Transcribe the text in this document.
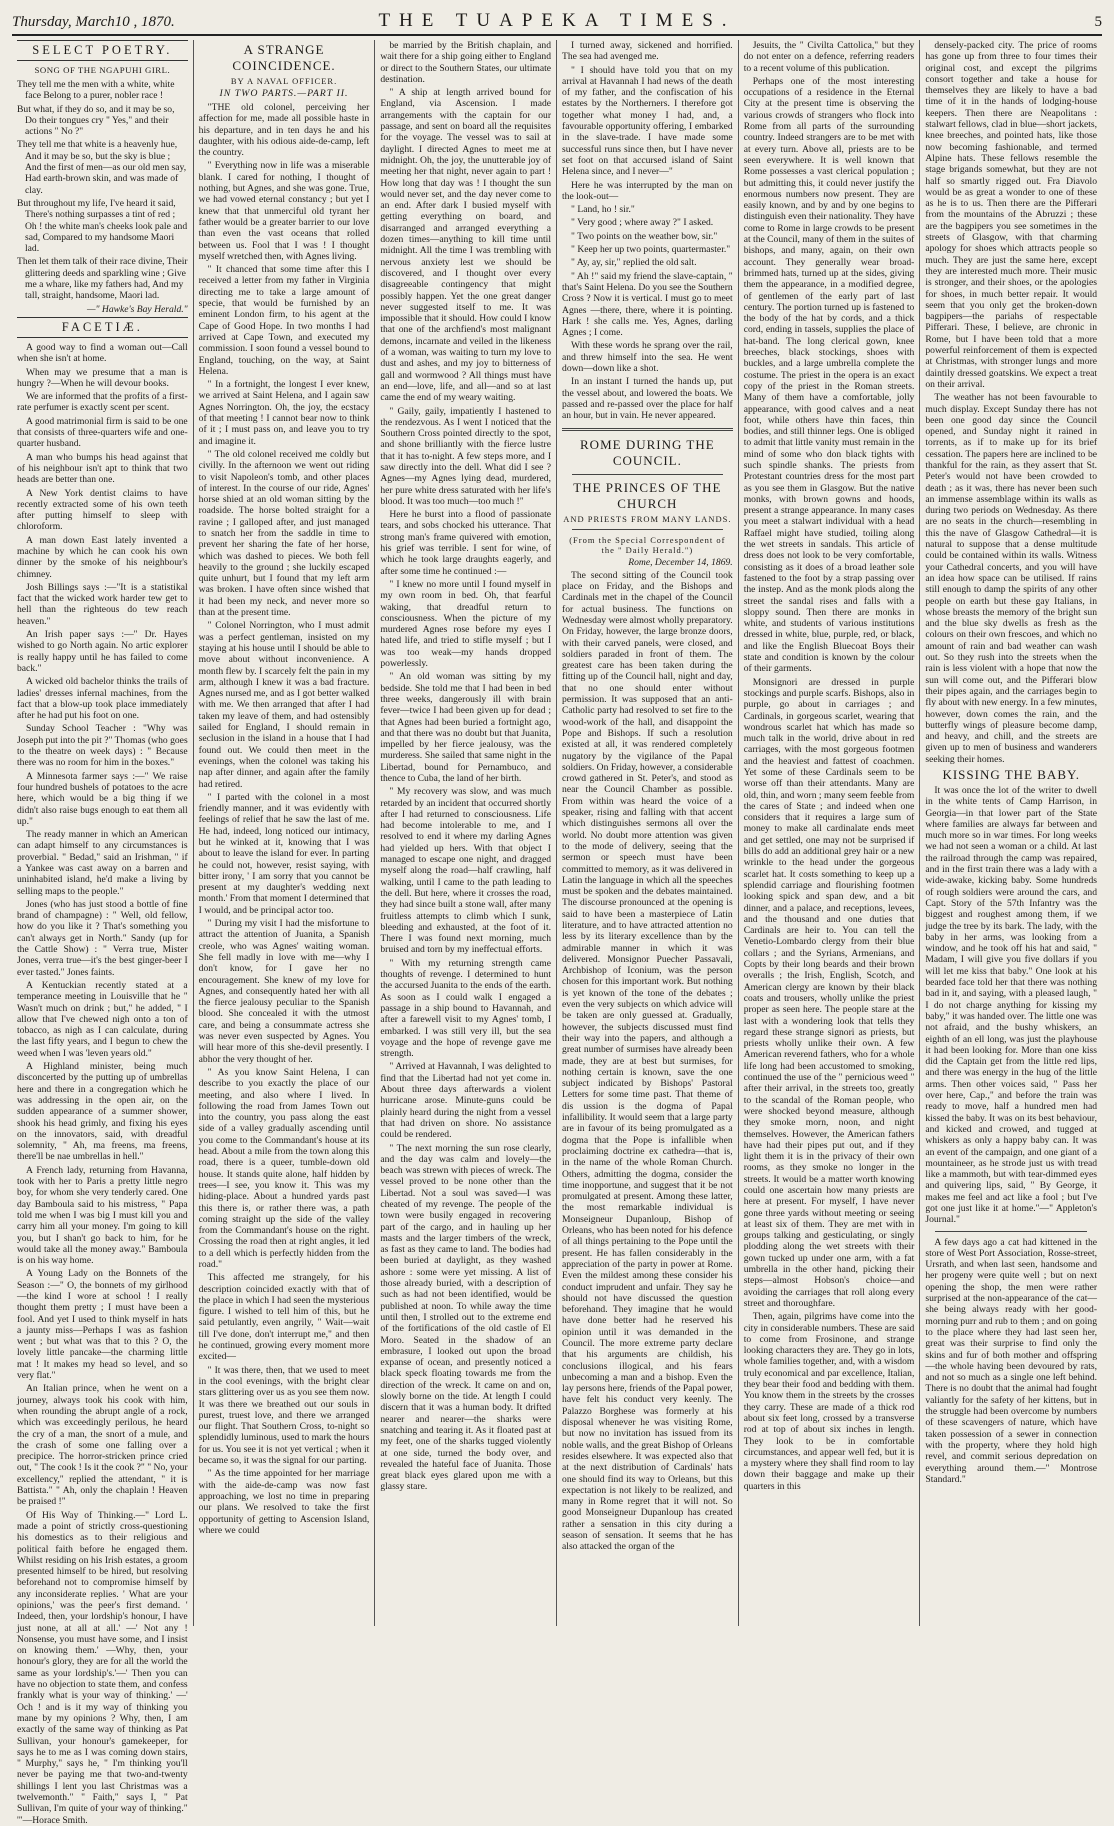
Thursday, March10 , 1870.	THE TUAPEKA TIMES.	5
SELECT POETRY.
SONG OF THE NGAPUHI GIRL.

They tell me the men with a white, white face Belong to a purer, nobler race !

But what, if they do so, and it may be so, Do their tongues cry " Yes," and their actions " No ?"

They tell me that white is a heavenly hue, And it may be so, but the sky is blue ; And the first of men—as our old men say, Had earth-brown skin, and was made of clay.

But throughout my life, I've heard it said, There's nothing surpasses a tint of red ; Oh ! the white man's cheeks look pale and sad, Compared to my handsome Maori lad.

Then let them talk of their race divine, Their glittering deeds and sparkling wine ; Give me a whare, like my fathers had, And my tall, straight, handsome, Maori lad.

—" Hawke's Bay Herald."

FACETIÆ.

A good way to find a woman out—Call when she isn't at home.

When may we presume that a man is hungry ?—When he will devour books.

We are informed that the profits of a first-rate perfumer is exactly scent per scent.

A good matrimonial firm is said to be one that consists of three-quarters wife and one-quarter husband.

A man who bumps his head against that of his neighbour isn't apt to think that two heads are better than one.

A New York dentist claims to have recently extracted some of his own teeth after putting himself to sleep with chloroform.

A man down East lately invented a machine by which he can cook his own dinner by the smoke of his neighbour's chimney.

Josh Billings says :—"It is a statistikal fact that the wicked work harder tew get to hell than the righteous do tew reach heaven."

An Irish paper says :—" Dr. Hayes wished to go North again. No artic explorer is really happy until he has failed to come back."

A wicked old bachelor thinks the trails of ladies' dresses infernal machines, from the fact that a blow-up took place immediately after he had put his foot on one.

Sunday School Teacher : "Why was Joseph put into the pit ?" Thomas (who goes to the theatre on week days) : " Because there was no room for him in the boxes."

A Minnesota farmer says :—" We raise four hundred bushels of potatoes to the acre here, which would be a big thing if we didn't also raise bugs enough to eat them all up."

The ready manner in which an American can adapt himself to any circumstances is proverbial. " Bedad," said an Irishman, " if a Yankee was cast away on a barren and uninhabited island, he'd make a living by selling maps to the people."

Jones (who has just stood a bottle of fine brand of champagne) : " Well, old fellow, how do you like it ? That's something you can't always get in North." Sandy (up for the Cattle Show) : " Verra true, Mister Jones, verra true—it's the best ginger-beer I ever tasted." Jones faints.

A Kentuckian recently stated at a temperance meeting in Louisville that he " Wasn't much on drink ; but," he added, " I allow that I've chewed nigh onto a ton of tobacco, as nigh as I can calculate, during the last fifty years, and I begun to chew the weed when I was 'leven years old."

A Highland minister, being much disconcerted by the putting up of umbrellas here and there in a congregation which he was addressing in the open air, on the sudden appearance of a summer shower, shook his head grimly, and fixing his eyes on the innovators, said, with dreadful solemnity, " Ah, ma freens, ma freens, there'll be nae umbrellas in hell."

A French lady, returning from Havanna, took with her to Paris a pretty little negro boy, for whom she very tenderly cared. One day Bamboula said to his mistress, " Papa told me when I was big I must kill you and carry him all your money. I'm going to kill you, but I shan't go back to him, for he would take all the money away." Bamboula is on his way home.

A Young Lady on the Bonnets of the Season :—" O, the bonnets of my girlhood—the kind I wore at school ! I really thought them pretty ; I must have been a fool. And yet I used to think myself in hats a jaunty miss—Perhaps I was as fashion went ; but what was that to this ? O, the lovely little pancake—the charming little mat ! It makes my head so level, and so very flat."

An Italian prince, when he went on a journey, always took his cook with him, when rounding the abrupt angle of a rock, which was exceedingly perilous, he heard the cry of a man, the snort of a mule, and the crash of some one falling over a precipice. The horror-stricken prince cried out, " The cook ! Is it the cook ?" " No, your excellency," replied the attendant, " it is Battista." " Ah, only the chaplain ! Heaven be praised !"

Of His Way of Thinking.—" Lord L. made a point of strictly cross-questioning his domestics as to their religious and political faith before he engaged them. Whilst residing on his Irish estates, a groom presented himself to be hired, but resolving beforehand not to compromise himself by any inconsiderate replies. ' What are your opinions,' was the peer's first demand. ' Indeed, then, your lordship's honour, I have just none, at all at all.' —' Not any ! Nonsense, you must have some, and I insist on knowing them.' —Why, then, your honour's glory, they are for all the world the same as your lordship's.'—' Then you can have no objection to state them, and confess frankly what is your way of thinking.' —' Och ! and is it my way of thinking you mane by my opinions ? Why, then, I am exactly of the same way of thinking as Pat Sullivan, your honour's gamekeeper, for says he to me as I was coming down stairs, " Murphy," says he, " I'm thinking you'll never be paying me that two-and-twenty shillings I lent you last Christmas was a twelvemonth." " Faith," says I, " Pat Sullivan, I'm quite of your way of thinking." '"—Horace Smith.

A STRANGE COINCIDENCE.
BY A NAVAL OFFICER.
IN TWO PARTS.—PART II.

"THE old colonel, perceiving her affection for me, made all possible haste in his departure, and in ten days he and his daughter, with his odious aide-de-camp, left the country.

" Everything now in life was a miserable blank. I cared for nothing, I thought of nothing, but Agnes, and she was gone. True, we had vowed eternal constancy ; but yet I knew that that unmerciful old tyrant her father would be a greater barrier to our love than even the vast oceans that rolled between us. Fool that I was ! I thought myself wretched then, with Agnes living.

" It chanced that some time after this I received a letter from my father in Virginia directing me to take a large amount of specie, that would be furnished by an eminent London firm, to his agent at the Cape of Good Hope. In two months I had arrived at Cape Town, and executed my commission. I soon found a vessel bound to England, touching, on the way, at Saint Helena.

" In a fortnight, the longest I ever knew, we arrived at Saint Helena, and I again saw Agnes Norrington. Oh, the joy, the ecstacy of that meeting ! I cannot bear now to think of it ; I must pass on, and leave you to try and imagine it.

" The old colonel received me coldly but civilly. In the afternoon we went out riding to visit Napoleon's tomb, and other places of interest. In the course of our ride, Agnes' horse shied at an old woman sitting by the roadside. The horse bolted straight for a ravine ; I galloped after, and just managed to snatch her from the saddle in time to prevent her sharing the fate of her horse, which was dashed to pieces. We both fell heavily to the ground ; she luckily escaped quite unhurt, but I found that my left arm was broken. I have often since wished that it had been my neck, and never more so than at the present time.

" Colonel Norrington, who I must admit was a perfect gentleman, insisted on my staying at his house until I should be able to move about without inconvenience. A month flew by. I scarcely felt the pain in my arm, although I knew it was a bad fracture. Agnes nursed me, and as I got better walked with me. We then arranged that after I had taken my leave of them, and had ostensibly sailed for England, I should remain in seclusion in the island in a house that I had found out. We could then meet in the evenings, when the colonel was taking his nap after dinner, and again after the family had retired.

" I parted with the colonel in a most friendly manner, and it was evidently with feelings of relief that he saw the last of me. He had, indeed, long noticed our intimacy, but he winked at it, knowing that I was about to leave the island for ever. In parting he could not, however, resist saying, with bitter irony, ' I am sorry that you cannot be present at my daughter's wedding next month.' From that moment I determined that I would, and be principal actor too.

" During my visit I had the misfortune to attract the attention of Juanita, a Spanish creole, who was Agnes' waiting woman. She fell madly in love with me—why I don't know, for I gave her no encouragement. She knew of my love for Agnes, and consequently hated her with all the fierce jealousy peculiar to the Spanish blood. She concealed it with the utmost care, and being a consummate actress she was never even suspected by Agnes. You will hear more of this she-devil presently. I abhor the very thought of her.

" As you know Saint Helena, I can describe to you exactly the place of our meeting, and also where I lived. In following the road from James Town out into the country, you pass along the east side of a valley gradually ascending until you come to the Commandant's house at its head. About a mile from the town along this road, there is a queer, tumble-down old house. It stands quite alone, half hidden by trees—I see, you know it. This was my hiding-place. About a hundred yards past this there is, or rather there was, a path coming straight up the side of the valley from the Commandant's house on the right. Crossing the road then at right angles, it led to a dell which is perfectly hidden from the road."

This affected me strangely, for his description coincided exactly with that of the place in which I had seen the mysterious figure. I wished to tell him of this, but he said petulantly, even angrily, " Wait—wait till I've done, don't interrupt me," and then he continued, growing every moment more excited—

" It was there, then, that we used to meet in the cool evenings, with the bright clear stars glittering over us as you see them now. It was there we breathed out our souls in purest, truest love, and there we arranged our flight. That Southern Cross, to-night so splendidly luminous, used to mark the hours for us. You see it is not yet vertical ; when it became so, it was the signal for our parting.

" As the time appointed for her marriage with the aide-de-camp was now fast approaching, we lost no time in preparing our plans. We resolved to take the first opportunity of getting to Ascension Island, where we could

be married by the British chaplain, and wait there for a ship going either to England or direct to the Southern States, our ultimate destination.

" A ship at length arrived bound for England, via Ascension. I made arrangements with the captain for our passage, and sent on board all the requisites for the voyage. The vessel was to sail at daylight. I directed Agnes to meet me at midnight. Oh, the joy, the unutterable joy of meeting her that night, never again to part ! How long that day was ! I thought the sun would never set, and the day never come to an end. After dark I busied myself with getting everything on board, and disarranged and arranged everything a dozen times—anything to kill time until midnight. All the time I was trembling with nervous anxiety lest we should be discovered, and I thought over every disagreeable contingency that might possibly happen. Yet the one great danger never suggested itself to me. It was impossible that it should. How could I know that one of the archfiend's most malignant demons, incarnate and veiled in the likeness of a woman, was waiting to turn my love to dust and ashes, and my joy to bitterness of gall and wormwood ? All things must have an end—love, life, and all—and so at last came the end of my weary waiting.

" Gaily, gaily, impatiently I hastened to the rendezvous. As I went I noticed that the Southern Cross pointed directly to the spot, and shone brilliantly with the fierce lustre that it has to-night. A few steps more, and I saw directly into the dell. What did I see ? Agnes—my Agnes lying dead, murdered, her pure white dress saturated with her life's blood. It was too much—too much !"

Here he burst into a flood of passionate tears, and sobs chocked his utterance. That strong man's frame quivered with emotion, his grief was terrible. I sent for wine, of which he took large draughts eagerly, and after some time he continued :—

" I knew no more until I found myself in my own room in bed. Oh, that fearful waking, that dreadful return to consciousness. When the picture of my murdered Agnes rose before my eyes I hated life, and tried to stifle myself ; but I was too weak—my hands dropped powerlessly.

" An old woman was sitting by my bedside. She told me that I had been in bed three weeks, dangerously ill with brain fever—twice I had been given up for dead ; that Agnes had been buried a fortnight ago, and that there was no doubt but that Juanita, impelled by her fierce jealousy, was the murderess. She sailed that same night in the Libertad, bound for Pernambuco, and thence to Cuba, the land of her birth.

" My recovery was slow, and was much retarded by an incident that occurred shortly after I had returned to consciousness. Life had become intolerable to me, and I resolved to end it where my darling Agnes had yielded up hers. With that object I managed to escape one night, and dragged myself along the road—half crawling, half walking, until I came to the path leading to the dell. But here, where it crosses the road, they had since built a stone wall, after many fruitless attempts to climb which I sunk, bleeding and exhausted, at the foot of it. There I was found next morning, much bruised and torn by my ineffectual efforts.

" With my returning strength came thoughts of revenge. I determined to hunt the accursed Juanita to the ends of the earth. As soon as I could walk I engaged a passage in a ship bound to Havannah, and after a farewell visit to my Agnes' tomb, I embarked. I was still very ill, but the sea voyage and the hope of revenge gave me strength.

" Arrived at Havannah, I was delighted to find that the Libertad had not yet come in. About three days afterwards a violent hurricane arose. Minute-guns could be plainly heard during the night from a vessel that had driven on shore. No assistance could be rendered.

" The next morning the sun rose clearly, and the day was calm and lovely—the beach was strewn with pieces of wreck. The vessel proved to be none other than the Libertad. Not a soul was saved—I was cheated of my revenge. The people of the town were busily engaged in recovering part of the cargo, and in hauling up her masts and the larger timbers of the wreck, as fast as they came to land. The bodies had been buried at daylight, as they washed ashore : some were yet missing. A list of those already buried, with a description of such as had not been identified, would be published at noon. To while away the time until then, I strolled out to the extreme end of the fortifications of the old castle of El Moro. Seated in the shadow of an embrasure, I looked out upon the broad expanse of ocean, and presently noticed a black speck floating towards me from the direction of the wreck. It came on and on, slowly borne on the tide. At length I could discern that it was a human body. It drifted nearer and nearer—the sharks were snatching and tearing it. As it floated past at my feet, one of the sharks tugged violently at one side, turned the body over, and revealed the hateful face of Juanita. Those great black eyes glared upon me with a glassy stare.

I turned away, sickened and horrified. The sea had avenged me.

" I should have told you that on my arrival at Havannah I had news of the death of my father, and the confiscation of his estates by the Northerners. I therefore got together what money I had, and, a favourable opportunity offering, I embarked in the slave-trade. I have made some successful runs since then, but I have never set foot on that accursed island of Saint Helena since, and I never—"

Here he was interrupted by the man on the look-out—

" Land, ho ! sir."

" Very good ; where away ?" I asked.

" Two points on the weather bow, sir."

" Keep her up two points, quartermaster."

" Ay, ay, sir," replied the old salt.

" Ah !" said my friend the slave-captain, " that's Saint Helena. Do you see the Southern Cross ? Now it is vertical. I must go to meet Agnes —there, there, where it is pointing. Hark ! she calls me. Yes, Agnes, darling Agnes ; I come.

With these words he sprang over the rail, and threw himself into the sea. He went down—down like a shot.

In an instant I turned the hands up, put the vessel about, and lowered the boats. We passed and re-passed over the place for half an hour, but in vain. He never appeared.

ROME DURING THE COUNCIL.
THE PRINCES OF THE CHURCH
AND PRIESTS FROM MANY LANDS.
(From the Special Correspondent of the " Daily Herald.")

Rome, December 14, 1869.

The second sitting of the Council took place on Friday, and the Bishops and Cardinals met in the chapel of the Council for actual business. The functions on Wednesday were almost wholly preparatory. On Friday, however, the large bronze doors, with their carved panels, were closed, and soldiers paraded in front of them. The greatest care has been taken during the fitting up of the Council hall, night and day, that no one should enter without permission. It was supposed that an anti-Catholic party had resolved to set fire to the wood-work of the hall, and disappoint the Pope and Bishops. If such a resolution existed at all, it was rendered completely nugatory by the vigilance of the Papal soldiers. On Friday, however, a considerable crowd gathered in St. Peter's, and stood as near the Council Chamber as possible. From within was heard the voice of a speaker, rising and falling with that accent which distinguishes sermons all over the world. No doubt more attention was given to the mode of delivery, seeing that the sermon or speech must have been committed to memory, as it was delivered in Latin the language in which all the speeches must be spoken and the debates maintained. The discourse pronounced at the opening is said to have been a masterpiece of Latin literature, and to have attracted attention no less by its literary excellence than by the admirable manner in which it was delivered. Monsignor Puecher Passavali, Archbishop of Iconium, was the person chosen for this important work. But nothing is yet known of the tone of the debates ; even the very subjects on which advice will be taken are only guessed at. Gradually, however, the subjects discussed must find their way into the papers, and although a great number of surmises have already been made, they are at best but surmises, for nothing certain is known, save the one subject indicated by Bishops' Pastoral Letters for some time past. That theme of dis ussion is the dogma of Papal infallibility. It would seem that a large party are in favour of its being promulgated as a dogma that the Pope is infallible when proclaiming doctrine ex cathedra—that is, in the name of the whole Roman Church. Others, admitting the dogma, consider the time inopportune, and suggest that it be not promulgated at present. Among these latter, the most remarkable individual is Monseigneur Dupanloup, Bishop of Orleans, who has been noted for his defence of all things pertaining to the Pope until the present. He has fallen considerably in the appreciation of the party in power at Rome. Even the mildest among these consider his conduct imprudent and unfair. They say he should not have discussed the question beforehand. They imagine that he would have done better had he reserved his opinion until it was demanded in the Council. The more extreme party declare that his arguments are childish, his conclusions illogical, and his fears unbecoming a man and a bishop. Even the lay persons here, friends of the Papal power, have felt his conduct very keenly. The Palazzo Borghese was formerly at his disposal whenever he was visiting Rome, but now no invitation has issued from its noble walls, and the great Bishop of Orleans resides elsewhere. It was expected also that at the next distribution of Cardinals' hats one should find its way to Orleans, but this expectation is not likely to be realized, and many in Rome regret that it will not. So good Monseigneur Dupanloup has created rather a sensation in this city during a season of sensation. It seems that he has also attacked the organ of the

Jesuits, the " Civilta Cattolica," but they do not enter on a defence, referring readers to a recent volume of this publication.

Perhaps one of the most interesting occupations of a residence in the Eternal City at the present time is observing the various crowds of strangers who flock into Rome from all parts of the surrounding country. Indeed strangers are to be met with at every turn. Above all, priests are to be seen everywhere. It is well known that Rome possesses a vast clerical population ; but admitting this, it could never justify the enormous numbers now present. They are easily known, and by and by one begins to distinguish even their nationality. They have come to Rome in large crowds to be present at the Council, many of them in the suites of bishops, and many, again, on their own account. They generally wear broad-brimmed hats, turned up at the sides, giving them the appearance, in a modified degree, of gentlemen of the early part of last century. The portion turned up is fastened to the body of the hat by cords, and a thick cord, ending in tassels, supplies the place of hat-band. The long clerical gown, knee breeches, black stockings, shoes with buckles, and a large umbrella complete the costume. The priest in the opera is an exact copy of the priest in the Roman streets. Many of them have a comfortable, jolly appearance, with good calves and a neat foot, while others have thin faces, thin bodies, and still thinner legs. One is obliged to admit that little vanity must remain in the mind of some who don black tights with such spindle shanks. The priests from Protestant countries dress for the most part as you see them in Glasgow. But the native monks, with brown gowns and hoods, present a strange appearance. In many cases you meet a stalwart individual with a head Raffael might have studied, toiling along the wet streets in sandals. This article of dress does not look to be very comfortable, consisting as it does of a broad leather sole fastened to the foot by a strap passing over the instep. And as the monk plods along the street the sandal rises and falls with a sloppy sound. Then there are monks in white, and students of various institutions dressed in white, blue, purple, red, or black, and like the English Bluecoat Boys their state and condition is known by the colour of their garments.

Monsignori are dressed in purple stockings and purple scarfs. Bishops, also in purple, go about in carriages ; and Cardinals, in gorgeous scarlet, wearing that wondrous scarlet hat which has made so much talk in the world, drive about in red carriages, with the most gorgeous footmen and the heaviest and fattest of coachmen. Yet some of these Cardinals seem to be worse off than their attendants. Many are old, thin, and worn ; many seem feeble from the cares of State ; and indeed when one considers that it requires a large sum of money to make all cardinalate ends meet and get settled, one may not be surprised if bills do add an additional grey hair or a new wrinkle to the head under the gorgeous scarlet hat. It costs something to keep up a splendid carriage and flourishing footmen looking spick and span dew, and a bit dinner, and a palace, and receptions, levees, and the thousand and one duties that Cardinals are heir to. You can tell the Venetio-Lombardo clergy from their blue collars ; and the Syrians, Armenians, and Copts by their long beards and their brown overalls ; the Irish, English, Scotch, and American clergy are known by their black coats and trousers, wholly unlike the priest proper as seen here. The people stare at the last with a wondering look that tells they regard these strange signori as priests, but priests wholly unlike their own. A few American reverend fathers, who for a whole life long had been accustomed to smoking, continued the use of the " pernicious weed " after their arrival, in the streets too, greatly to the scandal of the Roman people, who were shocked beyond measure, although they smoke morn, noon, and night themselves. However, the American fathers have had their pipes put out, and if they light them it is in the privacy of their own rooms, as they smoke no longer in the streets. It would be a matter worth knowing could one ascertain how many priests are here at present. For myself, I have never gone three yards without meeting or seeing at least six of them. They are met with in groups talking and gesticulating, or singly plodding along the wet streets with their gown tucked up under one arm, with a fat umbrella in the other hand, picking their steps—almost Hobson's choice—and avoiding the carriages that roll along every street and thoroughfare.

Then, again, pilgrims have come into the city in considerable numbers. These are said to come from Frosinone, and strange looking characters they are. They go in lots, whole families together, and, with a wisdom truly economical and par excellence, Italian, they bear their food and bedding with them. You know them in the streets by the crosses they carry. These are made of a thick rod about six feet long, crossed by a transverse rod at top of about six inches in length. They look to be in comfortable circumstances, and appear well fed, but it is a mystery where they shall find room to lay down their baggage and make up their quarters in this

densely-packed city. The price of rooms has gone up from three to four times their original cost, and except the pilgrims consort together and take a house for themselves they are likely to have a bad time of it in the hands of lodging-house keepers. Then there are Neapolitans : stalwart fellows, clad in blue—short jackets, knee breeches, and pointed hats, like those now becoming fashionable, and termed Alpine hats. These fellows resemble the stage brigands somewhat, but they are not half so smartly rigged out. Fra Diavolo would be as great a wonder to one of these as he is to us. Then there are the Pifferari from the mountains of the Abruzzi ; these are the bagpipers you see sometimes in the streets of Glasgow, with that charming apology for shoes which attracts people so much. They are just the same here, except they are interested much more. Their music is stronger, and their shoes, or the apologies for shoes, in much better repair. It would seem that you only get the broken-down bagpipers—the pariahs of respectable Pifferari. These, I believe, are chronic in Rome, but I have been told that a more powerful reinforcement of them is expected at Christmas, with stronger lungs and more daintily dressed goatskins. We expect a treat on their arrival.

The weather has not been favourable to much display. Except Sunday there has not been one good day since the Council opened, and Sunday night it rained in torrents, as if to make up for its brief cessation. The papers here are inclined to be thankful for the rain, as they assert that St. Peter's would not have been crowded to death ; as it was, there has never been such an immense assemblage within its walls as during two periods on Wednesday. As there are no seats in the church—resembling in this the nave of Glasgow Cathedral—it is natural to suppose that a dense multitude could be contained within its walls. Witness your Cathedral concerts, and you will have an idea how space can be utilised. If rains still enough to damp the spirits of any other people on earth but these gay Italians, in whose breasts the memory of the bright sun and the blue sky dwells as fresh as the colours on their own frescoes, and which no amount of rain and bad weather can wash out. So they rush into the streets when the rain is less violent with a hope that now the sun will come out, and the Pifferari blow their pipes again, and the carriages begin to fly about with new energy. In a few minutes, however, down comes the rain, and the butterfly wings of pleasure become damp, and heavy, and chill, and the streets are given up to men of business and wanderers seeking their homes.

KISSING THE BABY.

It was once the lot of the writer to dwell in the white tents of Camp Harrison, in Georgia—in that lower part of the State where families are always far between and much more so in war times. For long weeks we had not seen a woman or a child. At last the railroad through the camp was repaired, and in the first train there was a lady with a wide-awake, kicking baby. Some hundreds of rough soldiers were around the cars, and Capt. Story of the 57th Infantry was the biggest and roughest among them, if we judge the tree by its bark. The lady, with the baby in her arms, was looking from a window, and he took off his hat and said, " Madam, I will give you five dollars if you will let me kiss that baby." One look at his bearded face told her that there was nothing bad in it, and saying, with a pleased laugh, " I do not charge anything for kissing my baby," it was handed over. The little one was not afraid, and the bushy whiskers, an eighth of an ell long, was just the playhouse it had been looking for. More than one kiss did the Captain get from the little red lips, and there was energy in the hug of the little arms. Then other voices said, " Pass her over here, Cap.," and before the train was ready to move, half a hundred men had kissed the baby. It was on its best behaviour, and kicked and crowed, and tugged at whiskers as only a happy baby can. It was an event of the campaign, and one giant of a mountaineer, as he strode just us with tread like a mammoth, but with tear-dimmed eyes and quivering lips, said, " By George, it makes me feel and act like a fool ; but I've got one just like it at home."—" Appleton's Journal."

A few days ago a cat had kittened in the store of West Port Association, Rosse-street, Ursrath, and when last seen, handsome and her progeny were quite well ; but on next opening the shop, the men were rather surprised at the non-appearance of the cat—she being always ready with her good-morning purr and rub to them ; and on going to the place where they had last seen her, great was their surprise to find only the skins and fur of both mother and offspring—the whole having been devoured by rats, and not so much as a single one left behind. There is no doubt that the animal had fought valiantly for the safety of her kittens, but in the struggle had been overcome by numbers of these scavengers of nature, which have taken possession of a sewer in connection with the property, where they hold high revel, and commit serious depredation on everything around them.—" Montrose Standard."
